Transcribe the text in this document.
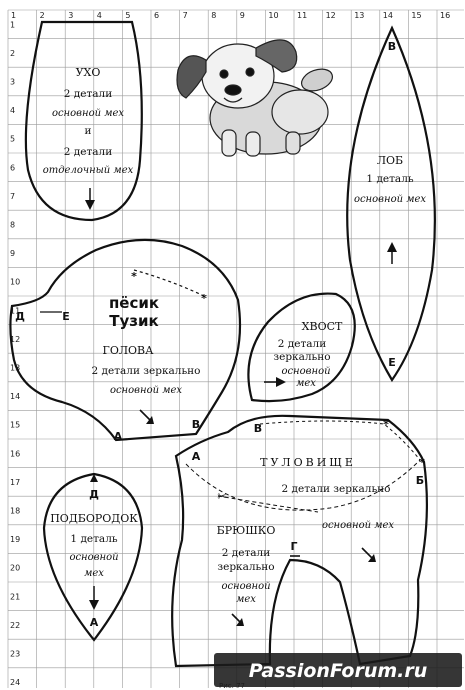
1	2	3	4	5	6	7	8	9	10 11 12 13 14 15 16
1
2
3
4
5
6
7
8
9
10
11
12
13
14
15
16
17
18
19
20
21
22
23
24
УХО
2 детали
основной мех
и
2 детали
отделочный мех
В
ЛОБ
1 деталь
основной мех
Е
*
*
Д	Е
пёсик
Тузик
ГОЛОВА
2 детали зеркально
основной мех
А
В
ХВОСТ
2 детали
зеркально
основной
мех
В
А
*
*
✂
ТУЛОВИЩЕ
2 детали зеркально
основной мех
Б
БРЮШКО
2 детали
зеркально
основной
мех
Г
Д
ПОДБОРОДОК
1 деталь
основной
мех
А
PassionForum.ru
